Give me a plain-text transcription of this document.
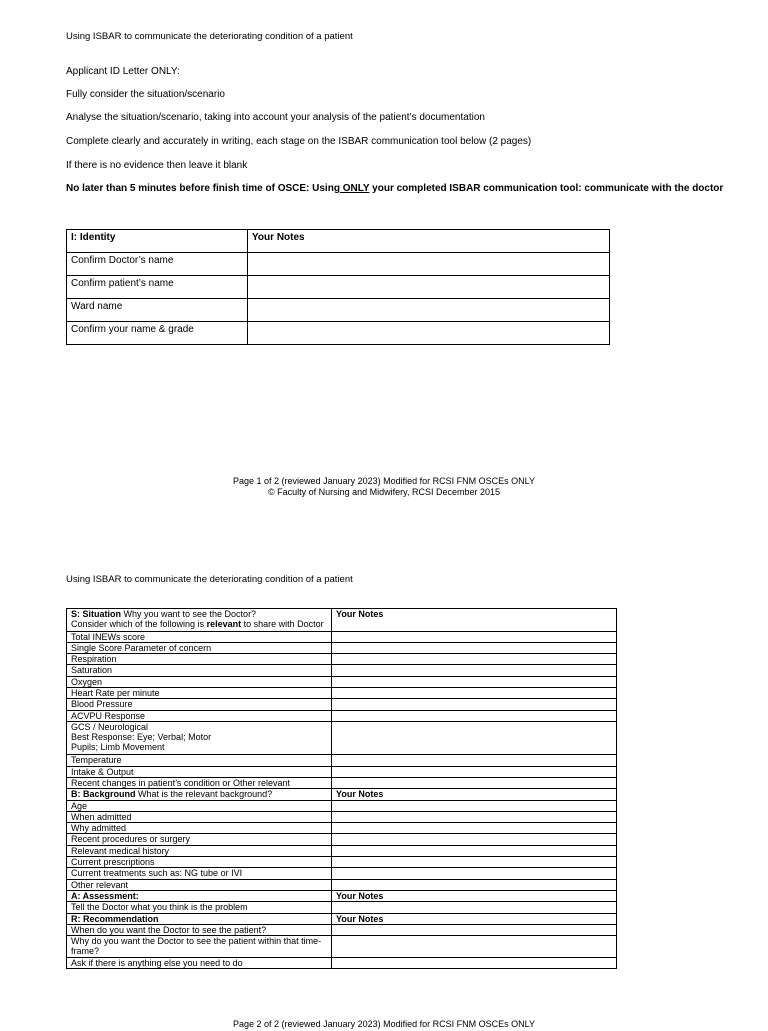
Using ISBAR to communicate the deteriorating condition of a patient
Applicant ID Letter ONLY:
Fully consider the situation/scenario
Analyse the situation/scenario, taking into account your analysis of the patient’s documentation
Complete clearly and accurately in writing, each stage on the ISBAR communication tool below (2 pages)
If there is no evidence then leave it blank
No later than 5 minutes before finish time of OSCE: Using ONLY your completed ISBAR communication tool: communicate with the doctor
I: Identity	Your Notes
Confirm Doctor’s name	
Confirm patient’s name	
Ward name	
Confirm your name & grade	
Page 1 of 2 (reviewed January 2023) Modified for RCSI FNM OSCEs ONLY
© Faculty of Nursing and Midwifery, RCSI December 2015
Using ISBAR to communicate the deteriorating condition of a patient
S: Situation Why you want to see the Doctor?
Consider which of the following is relevant to share with Doctor	Your Notes
Total INEWs score	
Single Score Parameter of concern	
Respiration	
Saturation	
Oxygen	
Heart Rate per minute	
Blood Pressure	
ACVPU Response	

GCS / Neurological
Best Response: Eye; Verbal; Motor
Pupils; Limb Movement	

Temperature	
Intake & Output	
Recent changes in patient’s condition or Other relevant	
B: Background What is the relevant background?	Your Notes
Age	
When admitted	
Why admitted	
Recent procedures or surgery	
Relevant medical history	
Current prescriptions	
Current treatments such as: NG tube or IVI	
Other relevant	
A: Assessment:	Your Notes
Tell the Doctor what you think is the problem	
R: Recommendation	Your Notes
When do you want the Doctor to see the patient?	
Why do you want the Doctor to see the patient within that time-frame?	
Ask if there is anything else you need to do	
Page 2 of 2 (reviewed January 2023) Modified for RCSI FNM OSCEs ONLY
